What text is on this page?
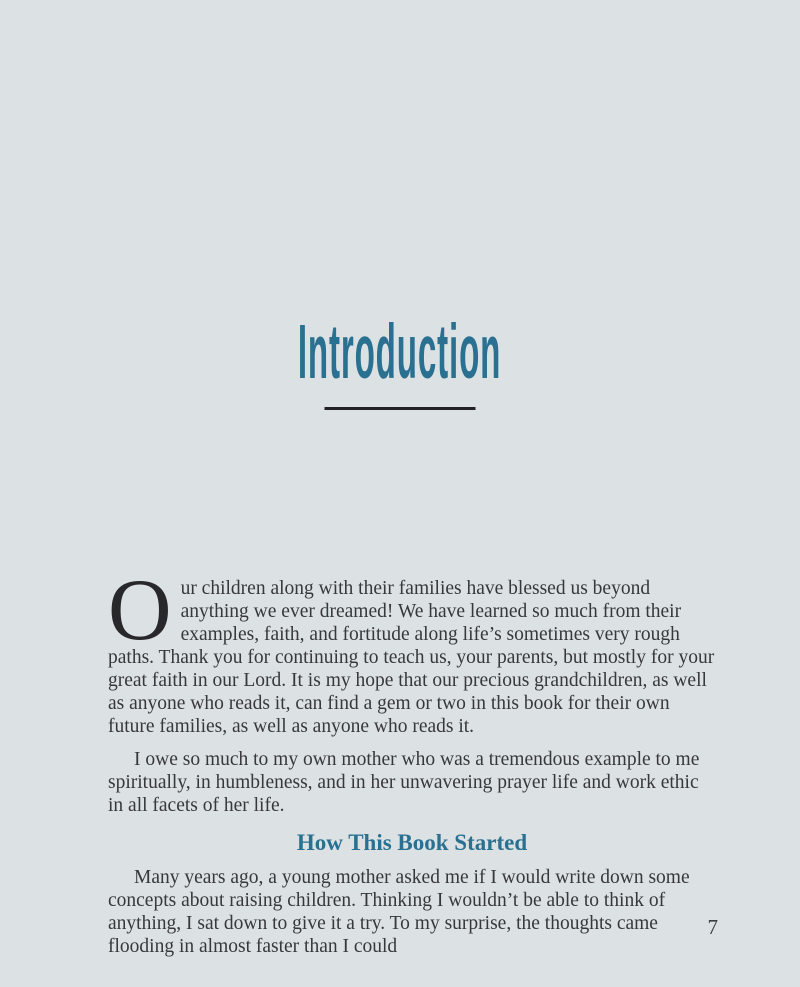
Introduction

Our children along with their families have blessed us beyond anything we ever dreamed! We have learned so much from their examples, faith, and fortitude along life’s sometimes very rough paths. Thank you for continuing to teach us, your parents, but mostly for your great faith in our Lord. It is my hope that our precious grandchildren, as well as anyone who reads it, can find a gem or two in this book for their own future families, as well as anyone who reads it.

I owe so much to my own mother who was a tremendous example to me spiritually, in humbleness, and in her unwavering prayer life and work ethic in all facets of her life.

How This Book Started

Many years ago, a young mother asked me if I would write down some concepts about raising children. Thinking I wouldn’t be able to think of anything, I sat down to give it a try. To my surprise, the thoughts came flooding in almost faster than I could

7
